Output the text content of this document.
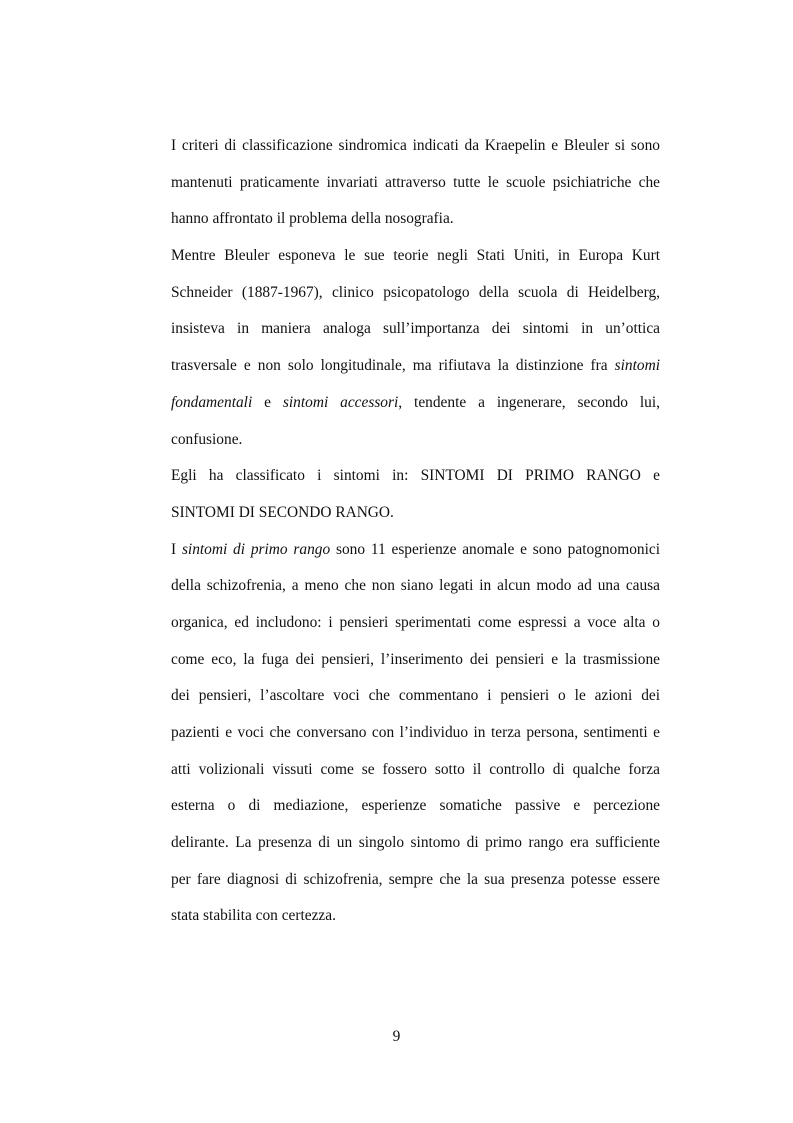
I criteri di classificazione sindromica indicati da Kraepelin e Bleuler si sono
mantenuti praticamente invariati attraverso tutte le scuole psichiatriche che
hanno affrontato il problema della nosografia.
Mentre Bleuler esponeva le sue teorie negli Stati Uniti, in Europa Kurt
Schneider (1887-1967), clinico psicopatologo della scuola di Heidelberg,
insisteva in maniera analoga sull’importanza dei sintomi in un’ottica
trasversale e non solo longitudinale, ma rifiutava la distinzione fra sintomi
fondamentali e sintomi accessori, tendente a ingenerare, secondo lui,
confusione.
Egli ha classificato i sintomi in: SINTOMI DI PRIMO RANGO e
SINTOMI DI SECONDO RANGO.
I sintomi di primo rango sono 11 esperienze anomale e sono patognomonici
della schizofrenia, a meno che non siano legati in alcun modo ad una causa
organica, ed includono: i pensieri sperimentati come espressi a voce alta o
come eco, la fuga dei pensieri, l’inserimento dei pensieri e la trasmissione
dei pensieri, l’ascoltare voci che commentano i pensieri o le azioni dei
pazienti e voci che conversano con l’individuo in terza persona, sentimenti e
atti volizionali vissuti come se fossero sotto il controllo di qualche forza
esterna o di mediazione, esperienze somatiche passive e percezione
delirante. La presenza di un singolo sintomo di primo rango era sufficiente
per fare diagnosi di schizofrenia, sempre che la sua presenza potesse essere
stata stabilita con certezza.
9
